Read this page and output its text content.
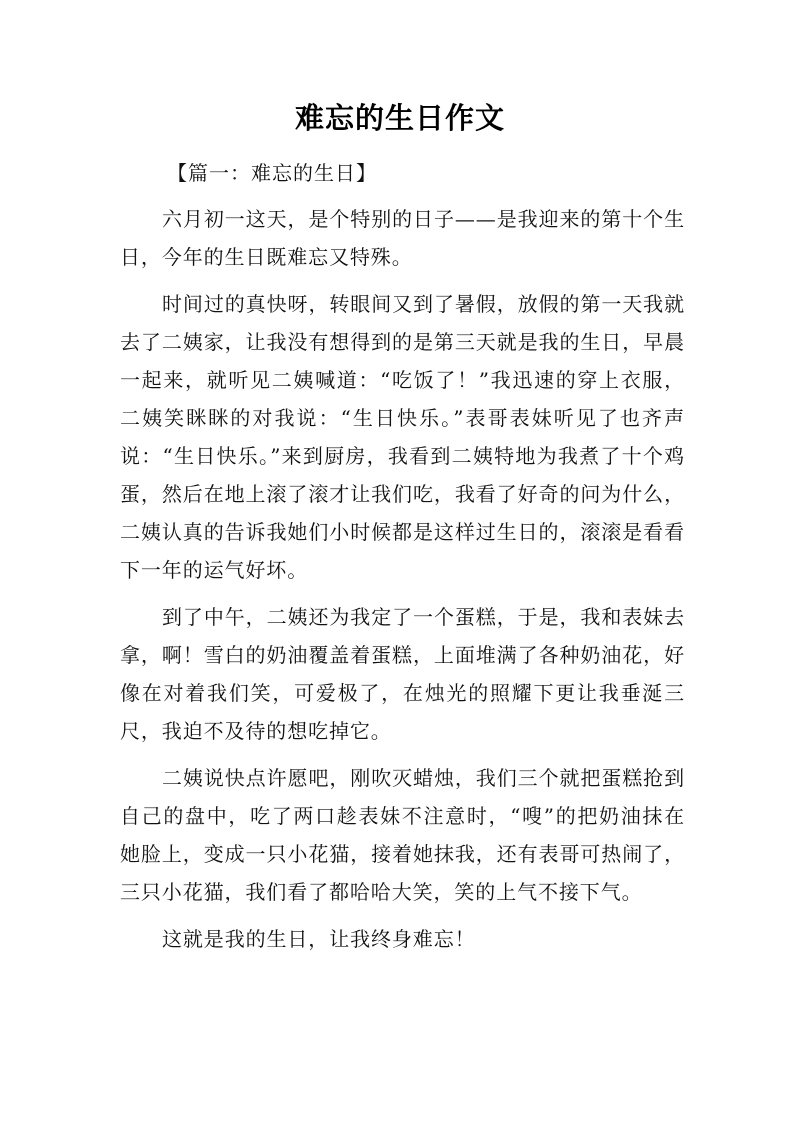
难忘的生日作文
【篇一：难忘的生日】

六月初一这天，是个特别的日子——是我迎来的第十个生日，今年的生日既难忘又特殊。

时间过的真快呀，转眼间又到了暑假，放假的第一天我就去了二姨家，让我没有想得到的是第三天就是我的生日，早晨一起来，就听见二姨喊道：“吃饭了！”我迅速的穿上衣服，二姨笑眯眯的对我说：“生日快乐。”表哥表妹听见了也齐声说：“生日快乐。”来到厨房，我看到二姨特地为我煮了十个鸡蛋，然后在地上滚了滚才让我们吃，我看了好奇的问为什么，二姨认真的告诉我她们小时候都是这样过生日的，滚滚是看看下一年的运气好坏。

到了中午，二姨还为我定了一个蛋糕，于是，我和表妹去拿，啊！雪白的奶油覆盖着蛋糕，上面堆满了各种奶油花，好像在对着我们笑，可爱极了，在烛光的照耀下更让我垂涎三尺，我迫不及待的想吃掉它。

二姨说快点许愿吧，刚吹灭蜡烛，我们三个就把蛋糕抢到自己的盘中，吃了两口趁表妹不注意时，“嗖”的把奶油抹在她脸上，变成一只小花猫，接着她抹我，还有表哥可热闹了，三只小花猫，我们看了都哈哈大笑，笑的上气不接下气。

这就是我的生日，让我终身难忘！
